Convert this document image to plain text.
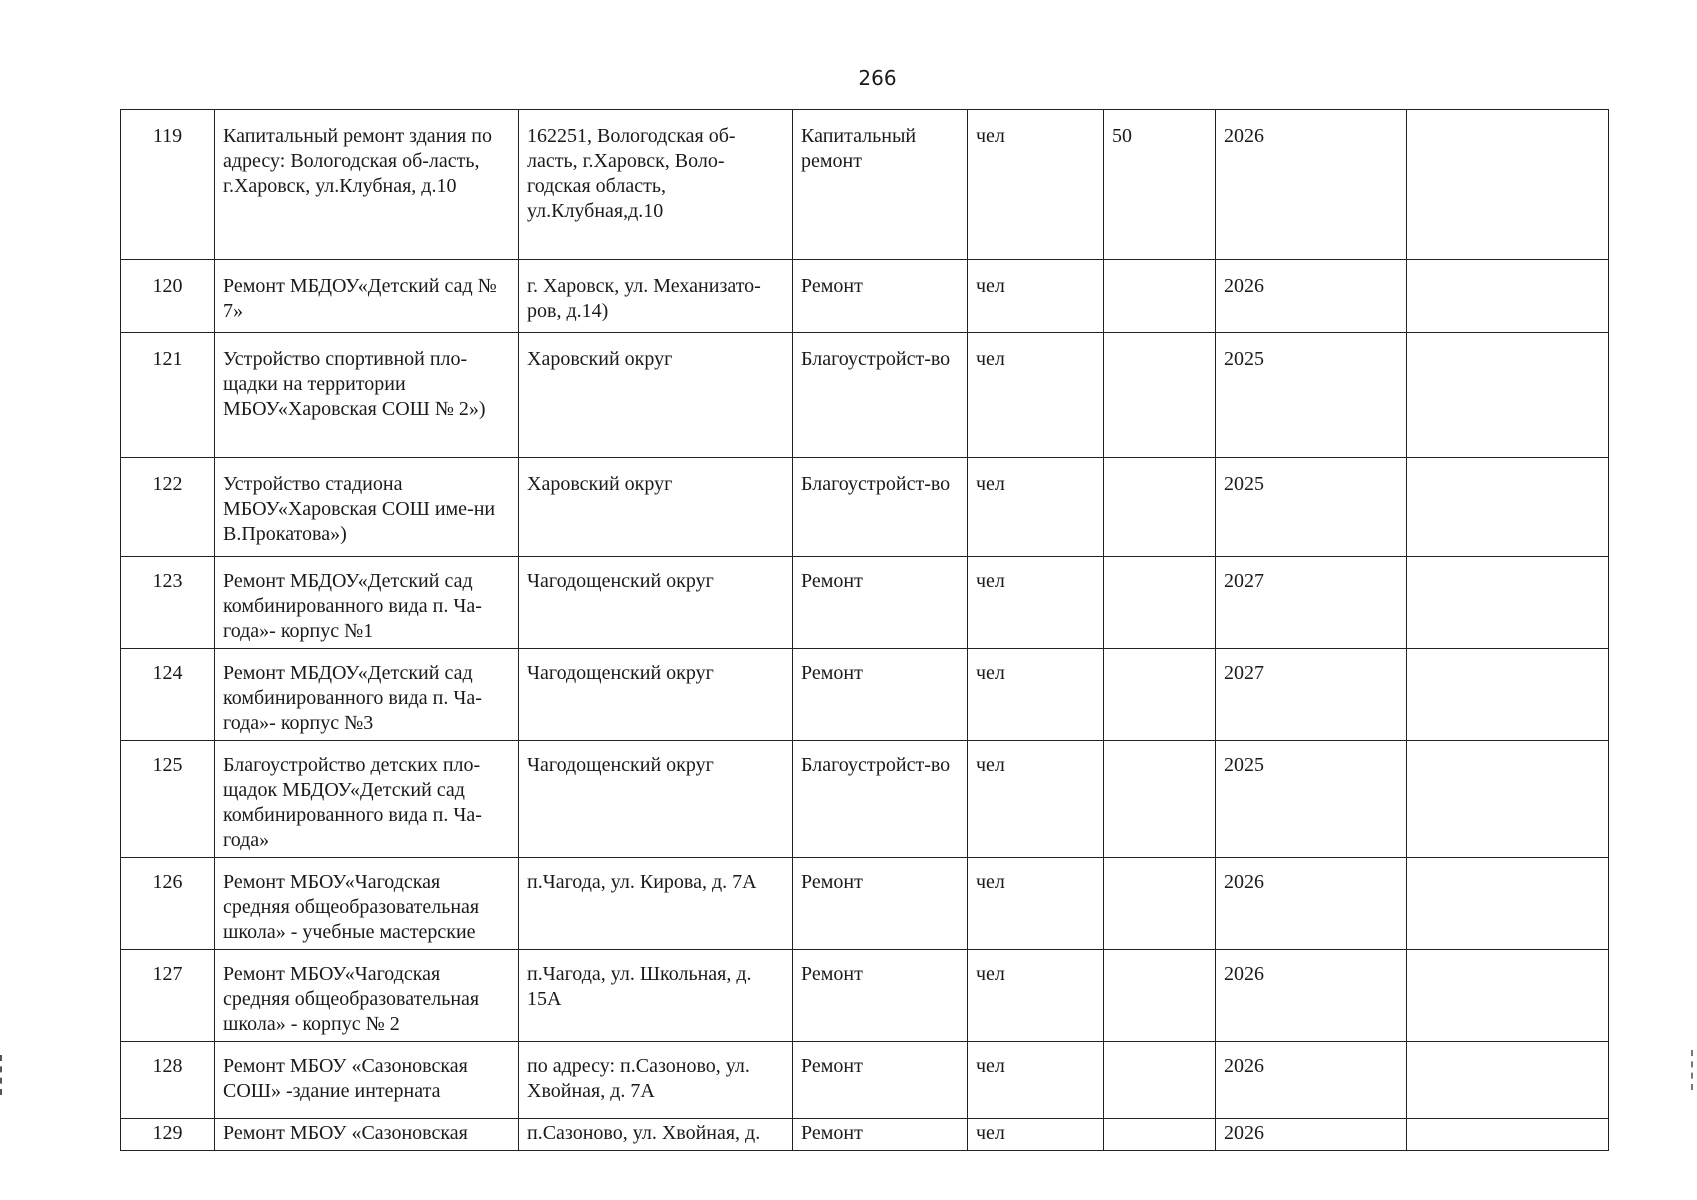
266
119	Капитальный ремонт здания по адресу: Вологодская об-ласть, г.Харовск, ул.Клубная, д.10	162251, Вологодская об-ласть, г.Харовск, Воло-годская область, ул.Клубная,д.10	Капитальный ремонт	чел	50	2026	
120	Ремонт МБДОУ«Детский сад № 7»	г. Харовск, ул. Механизато-ров, д.14)	Ремонт	чел		2026	
121	Устройство спортивной пло-щадки на территории МБОУ«Харовская СОШ № 2»)	Харовский округ	Благоустройст-во	чел		2025	
122	Устройство стадиона МБОУ«Харовская СОШ име-ни В.Прокатова»)	Харовский округ	Благоустройст-во	чел		2025	
123	Ремонт МБДОУ«Детский сад комбинированного вида п. Ча-года»- корпус №1	Чагодощенский округ	Ремонт	чел		2027	
124	Ремонт МБДОУ«Детский сад комбинированного вида п. Ча-года»- корпус №3	Чагодощенский округ	Ремонт	чел		2027	
125	Благоустройство детских пло-щадок МБДОУ«Детский сад комбинированного вида п. Ча-года»	Чагодощенский округ	Благоустройст-во	чел		2025	
126	Ремонт МБОУ«Чагодская средняя общеобразовательная школа» - учебные мастерские	п.Чагода, ул. Кирова, д. 7А	Ремонт	чел		2026	
127	Ремонт МБОУ«Чагодская средняя общеобразовательная школа» - корпус № 2	п.Чагода, ул. Школьная, д. 15А	Ремонт	чел		2026	
128	Ремонт МБОУ «Сазоновская СОШ» -здание интерната	по адресу: п.Сазоново, ул. Хвойная, д. 7А	Ремонт	чел		2026	
129	Ремонт МБОУ «Сазоновская	п.Сазоново, ул. Хвойная, д.	Ремонт	чел		2026	
